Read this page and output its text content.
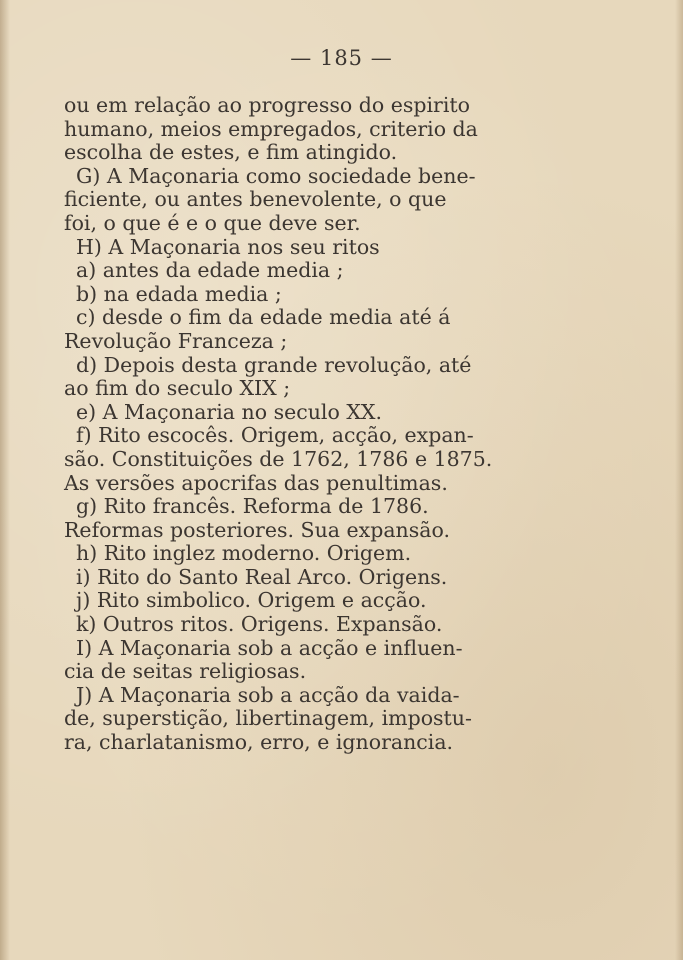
— 185 —
ou em relação ao progresso do espirito
humano, meios empregados, criterio da
escolha de estes, e fim atingido.
G) A Maçonaria como sociedade bene-
ficiente, ou antes benevolente, o que
foi, o que é e o que deve ser.
H) A Maçonaria nos seu ritos
a) antes da edade media ;
b) na edada media ;
c) desde o fim da edade media até á
Revolução Franceza ;
d) Depois desta grande revolução, até
ao fim do seculo XIX ;
e) A Maçonaria no seculo XX.
f) Rito escocês. Origem, acção, expan-
são. Constituições de 1762, 1786 e 1875.
As versões apocrifas das penultimas.
g) Rito francês. Reforma de 1786.
Reformas posteriores. Sua expansão.
h) Rito inglez moderno. Origem.
i) Rito do Santo Real Arco. Origens.
j) Rito simbolico. Origem e acção.
k) Outros ritos. Origens. Expansão.
I) A Maçonaria sob a acção e influen-
cia de seitas religiosas.
J) A Maçonaria sob a acção da vaida-
de, superstição, libertinagem, impostu-
ra, charlatanismo, erro, e ignorancia.
